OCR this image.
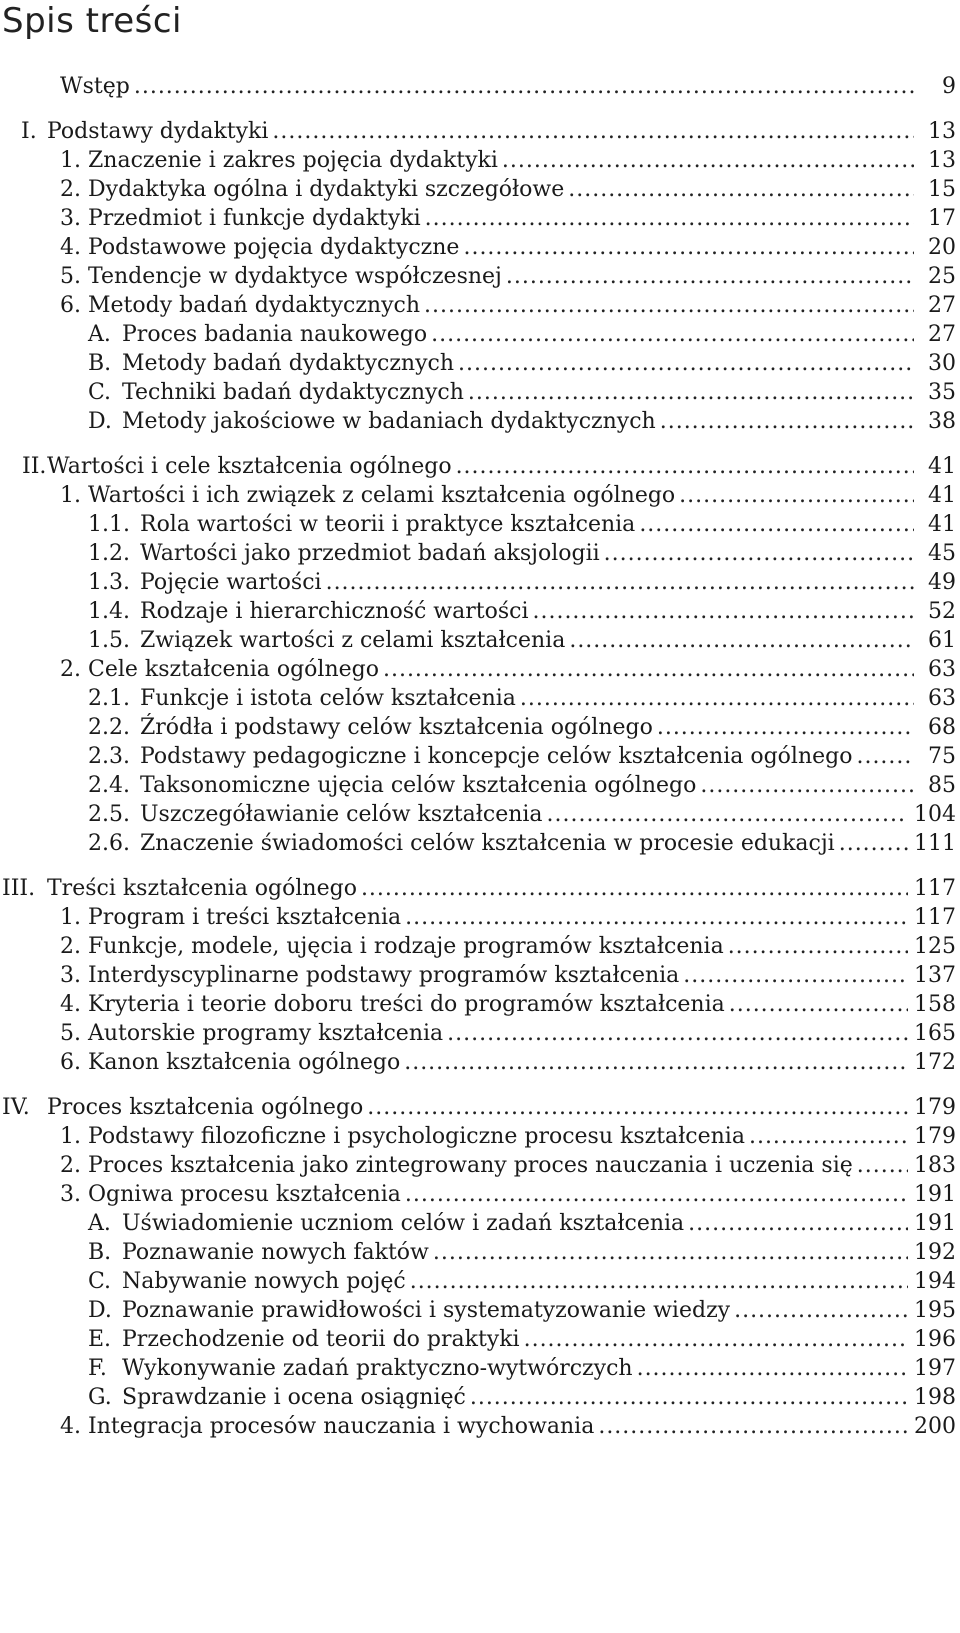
Spis treści
Wstęp . . .	9
I. Podstawy dydaktyki . . .	13
1. Znaczenie i zakres pojęcia dydaktyki . . .	13
2. Dydaktyka ogólna i dydaktyki szczegółowe . . .	15
3. Przedmiot i funkcje dydaktyki . . .	17
4. Podstawowe pojęcia dydaktyczne . . .	20
5. Tendencje w dydaktyce współczesnej . . .	25
6. Metody badań dydaktycznych . . .	27
A. Proces badania naukowego . . .	27
B. Metody badań dydaktycznych . . .	30
C. Techniki badań dydaktycznych . . .	35
D. Metody jakościowe w badaniach dydaktycznych . . .	38
II. Wartości i cele kształcenia ogólnego . . .	41
1. Wartości i ich związek z celami kształcenia ogólnego . . .	41
1.1. Rola wartości w teorii i praktyce kształcenia . . .	41
1.2. Wartości jako przedmiot badań aksjologii . . .	45
1.3. Pojęcie wartości . . .	49
1.4. Rodzaje i hierarchiczność wartości . . .	52
1.5. Związek wartości z celami kształcenia . . .	61
2. Cele kształcenia ogólnego . . .	63
2.1. Funkcje i istota celów kształcenia . . .	63
2.2. Źródła i podstawy celów kształcenia ogólnego . . .	68
2.3. Podstawy pedagogiczne i koncepcje celów kształcenia ogólnego . . .	75
2.4. Taksonomiczne ujęcia celów kształcenia ogólnego . . .	85
2.5. Uszczegóławianie celów kształcenia . . .	104
2.6. Znaczenie świadomości celów kształcenia w procesie edukacji . . .	111
III. Treści kształcenia ogólnego . . .	117
1. Program i treści kształcenia . . .	117
2. Funkcje, modele, ujęcia i rodzaje programów kształcenia . . .	125
3. Interdyscyplinarne podstawy programów kształcenia . . .	137
4. Kryteria i teorie doboru treści do programów kształcenia . . .	158
5. Autorskie programy kształcenia . . .	165
6. Kanon kształcenia ogólnego . . .	172
IV. Proces kształcenia ogólnego . . .	179
1. Podstawy filozoficzne i psychologiczne procesu kształcenia . . .	179
2. Proces kształcenia jako zintegrowany proces nauczania i uczenia się . . .	183
3. Ogniwa procesu kształcenia . . .	191
A. Uświadomienie uczniom celów i zadań kształcenia . . .	191
B. Poznawanie nowych faktów . . .	192
C. Nabywanie nowych pojęć . . .	194
D. Poznawanie prawidłowości i systematyzowanie wiedzy . . .	195
E. Przechodzenie od teorii do praktyki . . .	196
F. Wykonywanie zadań praktyczno-wytwórczych . . .	197
G. Sprawdzanie i ocena osiągnięć . . .	198
4. Integracja procesów nauczania i wychowania . . .	200
